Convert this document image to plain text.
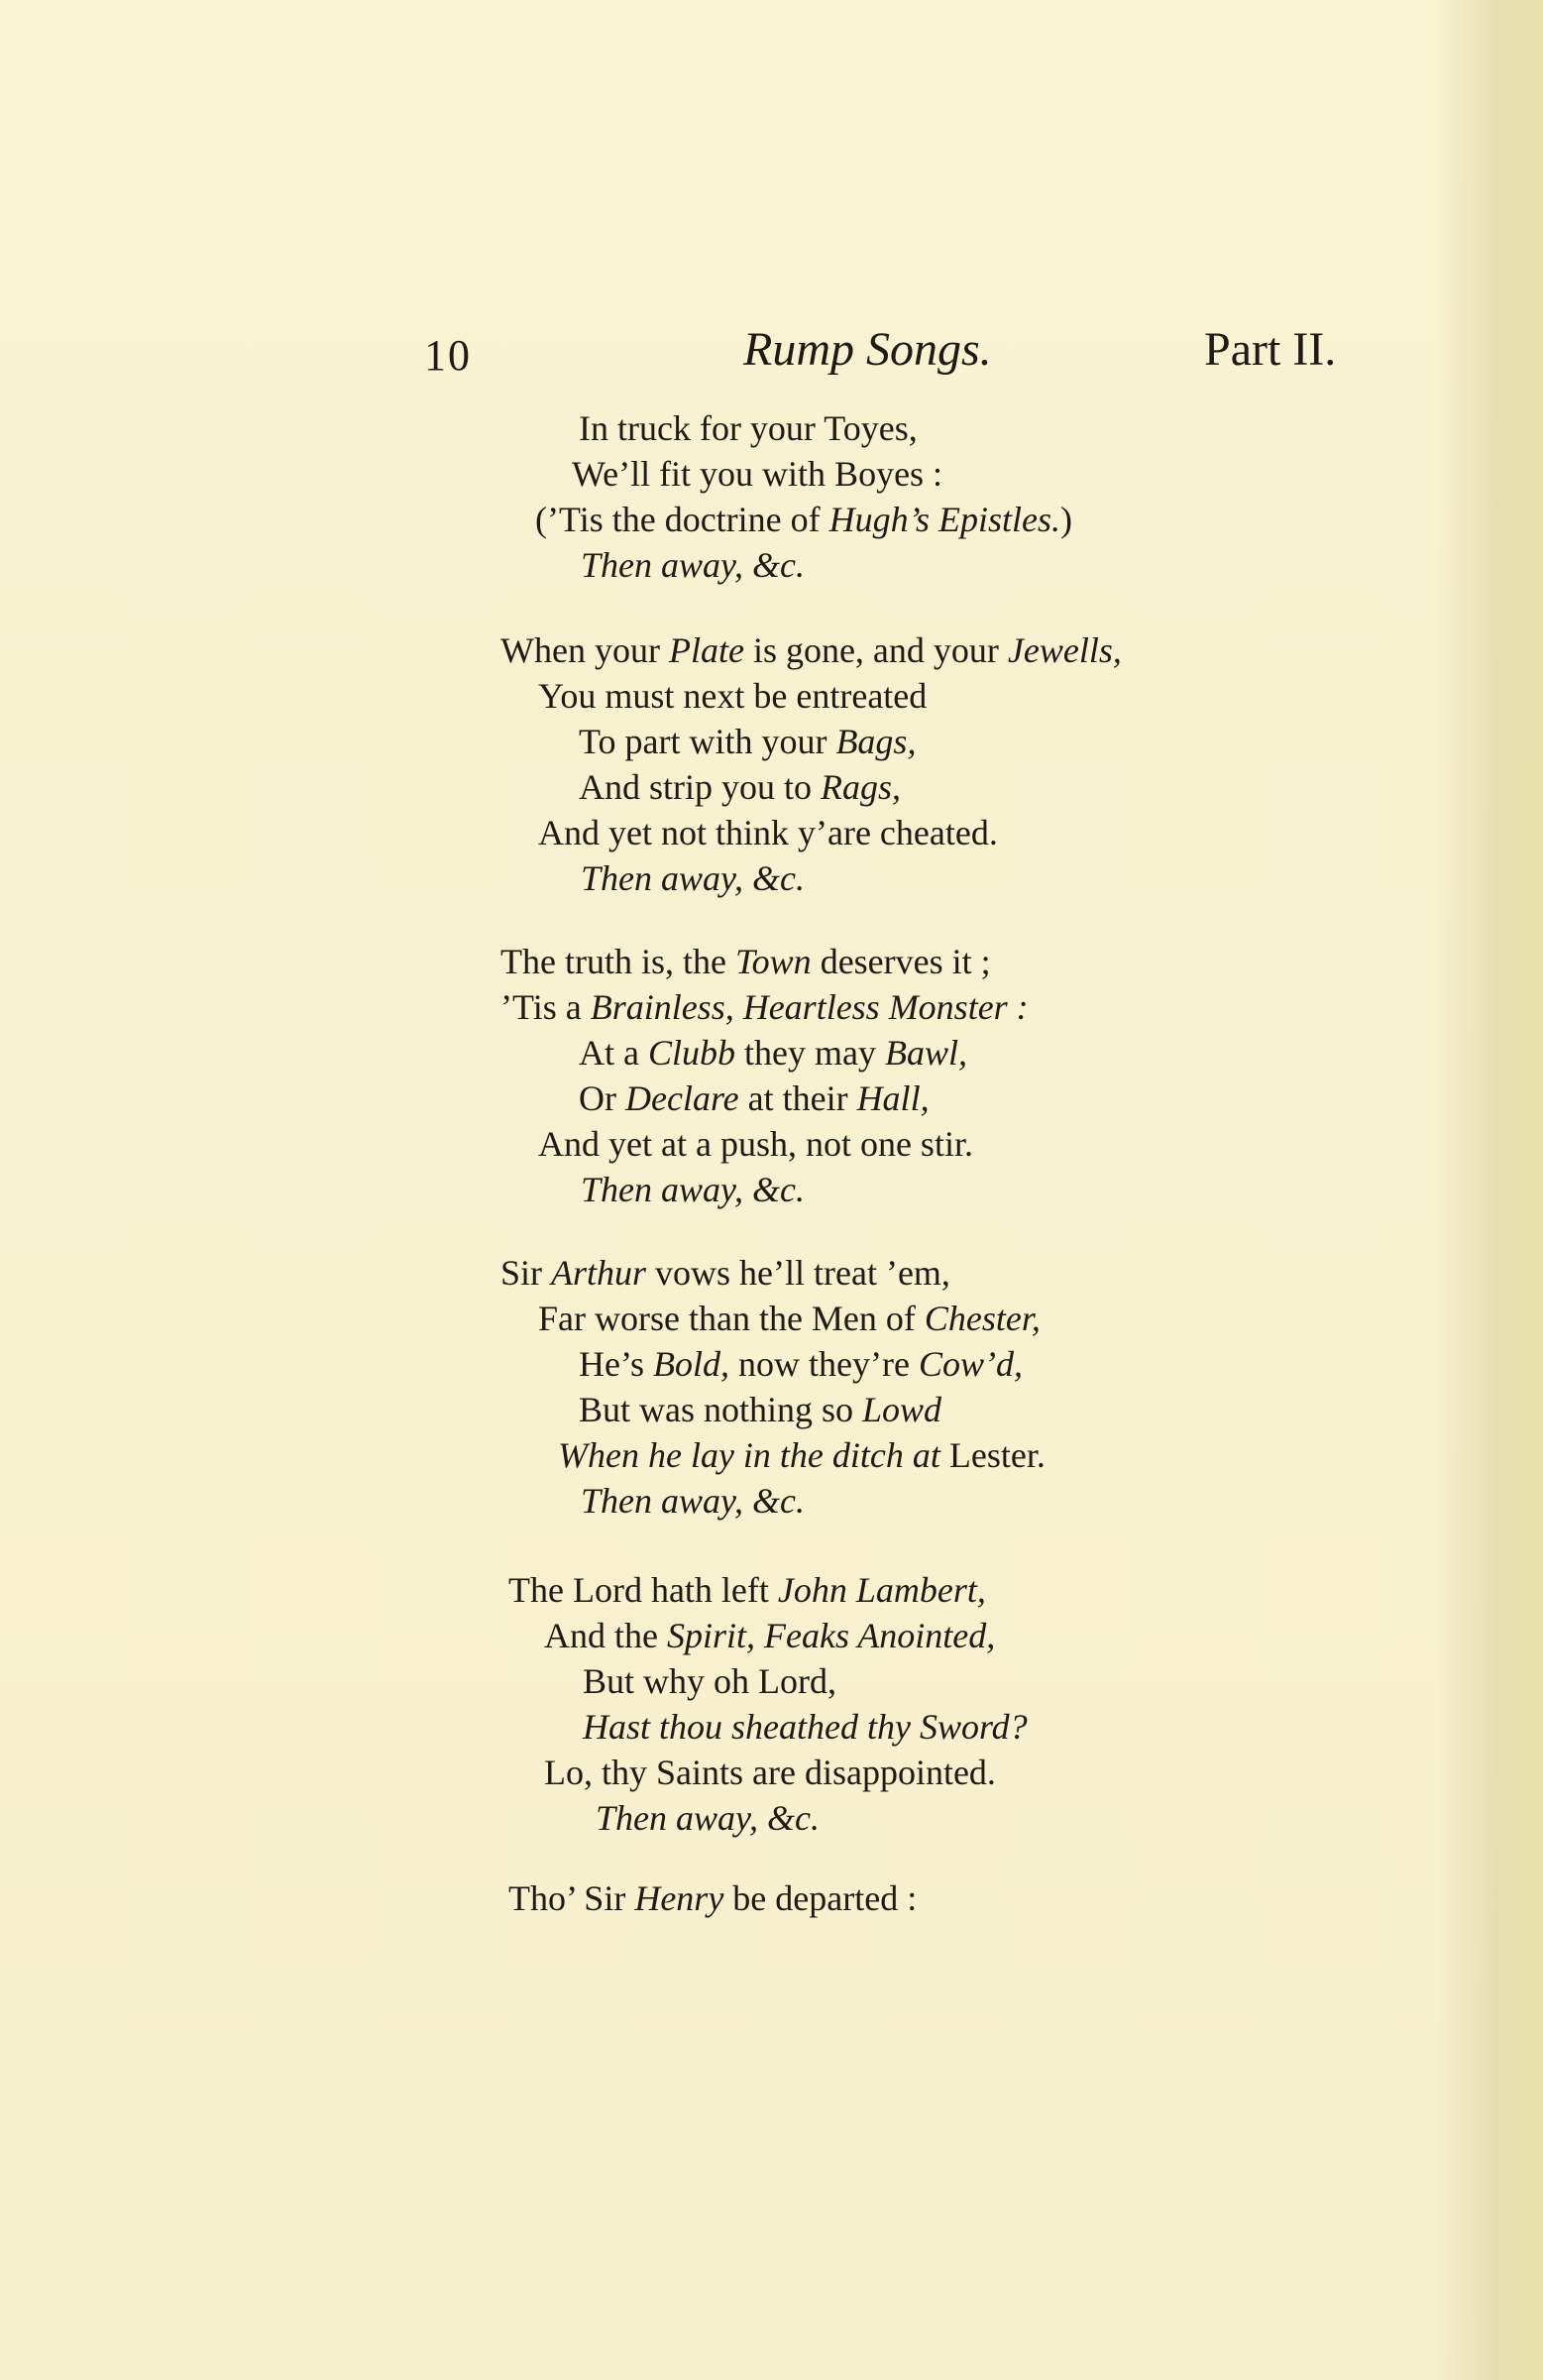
10	Rump Songs.	Part II.
In truck for your Toyes,
We’ll fit you with Boyes :
(’Tis the doctrine of Hugh’s Epistles.)
Then away, &c.
When your Plate is gone, and your Jewells,
You must next be entreated
To part with your Bags,
And strip you to Rags,
And yet not think y’are cheated.
Then away, &c.
The truth is, the Town deserves it ;
’Tis a Brainless, Heartless Monster :
At a Clubb they may Bawl,
Or Declare at their Hall,
And yet at a push, not one stir.
Then away, &c.
Sir Arthur vows he’ll treat ’em,
Far worse than the Men of Chester,
He’s Bold, now they’re Cow’d,
But was nothing so Lowd
When he lay in the ditch at Lester.
Then away, &c.
The Lord hath left John Lambert,
And the Spirit, Feaks Anointed,
But why oh Lord,
Hast thou sheathed thy Sword?
Lo, thy Saints are disappointed.
Then away, &c.
Tho’ Sir Henry be departed :
